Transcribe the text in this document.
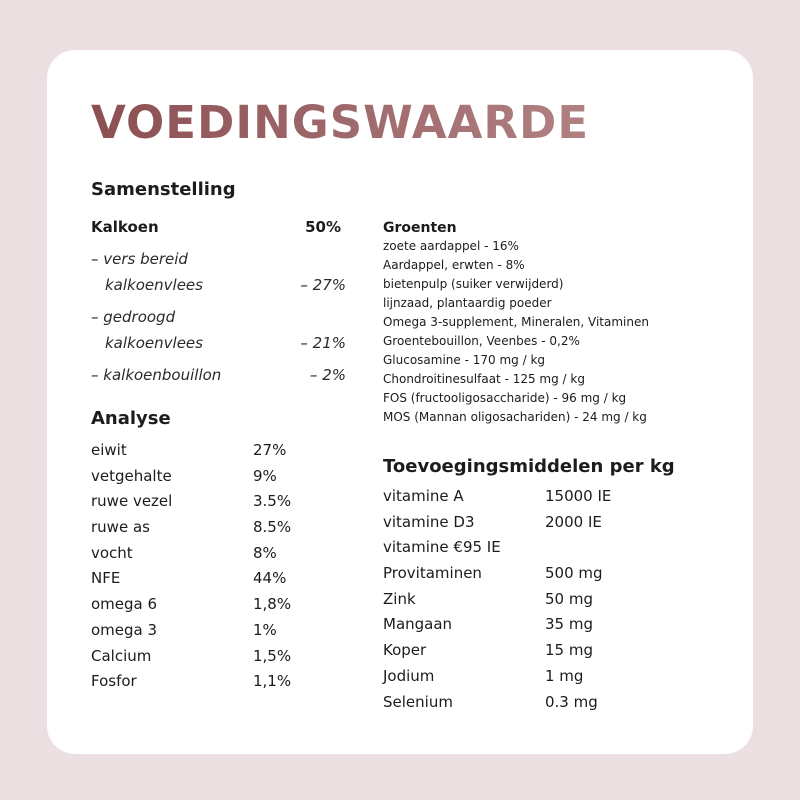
VOEDINGSWAARDE
Samenstelling
Kalkoen	50%
– vers bereid
kalkoenvlees	– 27%
– gedroogd
kalkoenvlees	– 21%
– kalkoenbouillon	– 2%
Analyse
eiwit	27%
vetgehalte	9%
ruwe vezel	3.5%
ruwe as	8.5%
vocht	8%
NFE	44%
omega 6	1,8%
omega 3	1%
Calcium	1,5%
Fosfor	1,1%
Groenten
zoete aardappel - 16%
Aardappel, erwten - 8%
bietenpulp (suiker verwijderd)
lijnzaad, plantaardig poeder
Omega 3-supplement, Mineralen, Vitaminen
Groentebouillon, Veenbes - 0,2%
Glucosamine - 170 mg / kg
Chondroitinesulfaat - 125 mg / kg
FOS (fructooligosaccharide) - 96 mg / kg
MOS (Mannan oligosachariden) - 24 mg / kg
Toevoegingsmiddelen per kg
vitamine A	15000 IE
vitamine D3	2000 IE
vitamine €95 IE
Provitaminen	500 mg
Zink	50 mg
Mangaan	35 mg
Koper	15 mg
Jodium	1 mg
Selenium	0.3 mg
